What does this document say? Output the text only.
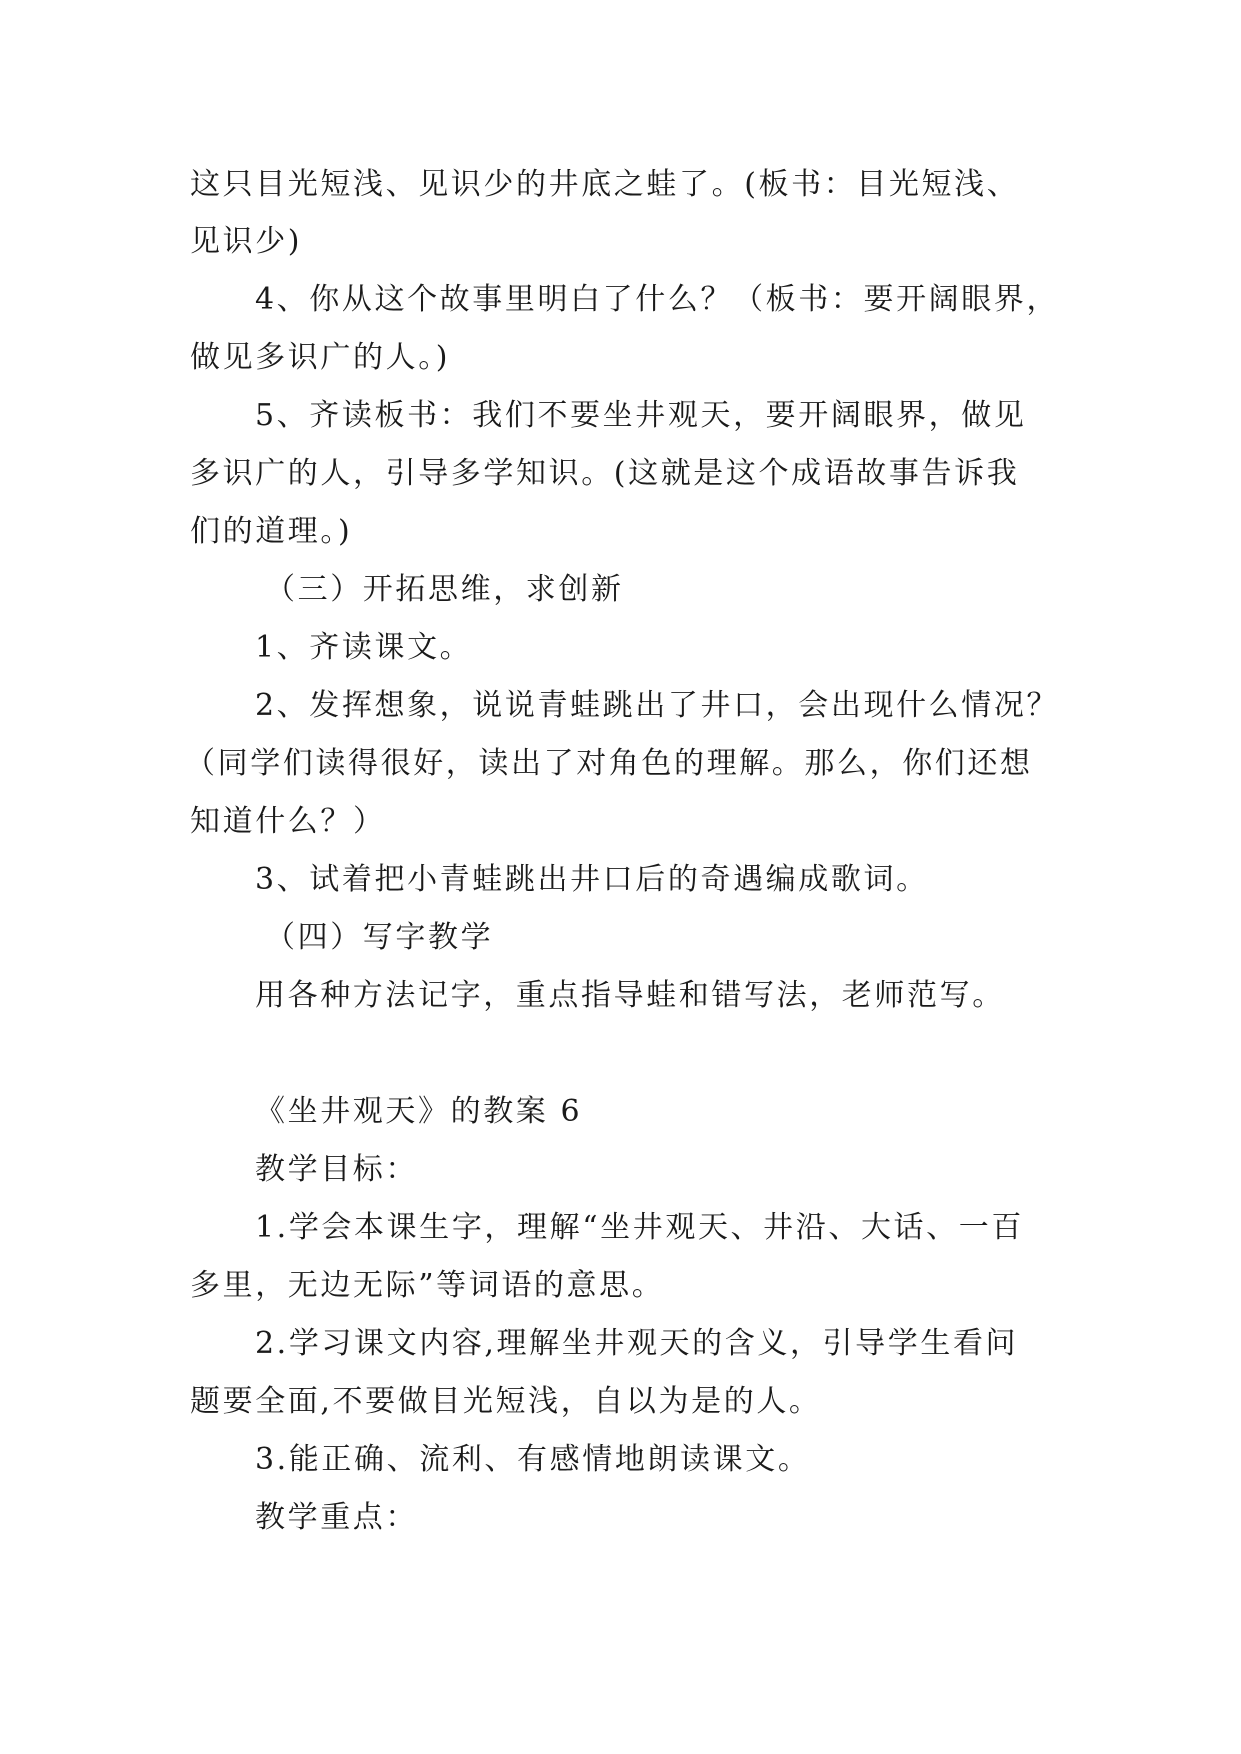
这只目光短浅、见识少的井底之蛙了。(板书：目光短浅、
见识少)
4、你从这个故事里明白了什么？（板书：要开阔眼界，
做见多识广的人。)
5、齐读板书：我们不要坐井观天，要开阔眼界，做见
多识广的人，引导多学知识。(这就是这个成语故事告诉我
们的道理。)
（三）开拓思维，求创新
1、齐读课文。
2、发挥想象，说说青蛙跳出了井口，会出现什么情况？
（同学们读得很好，读出了对角色的理解。那么，你们还想
知道什么？）
3、试着把小青蛙跳出井口后的奇遇编成歌词。
（四）写字教学
用各种方法记字，重点指导蛙和错写法，老师范写。
《坐井观天》的教案 6
教学目标：
1.学会本课生字，理解“坐井观天、井沿、大话、一百
多里，无边无际”等词语的意思。
2.学习课文内容,理解坐井观天的含义，引导学生看问
题要全面,不要做目光短浅，自以为是的人。
3.能正确、流利、有感情地朗读课文。
教学重点：
